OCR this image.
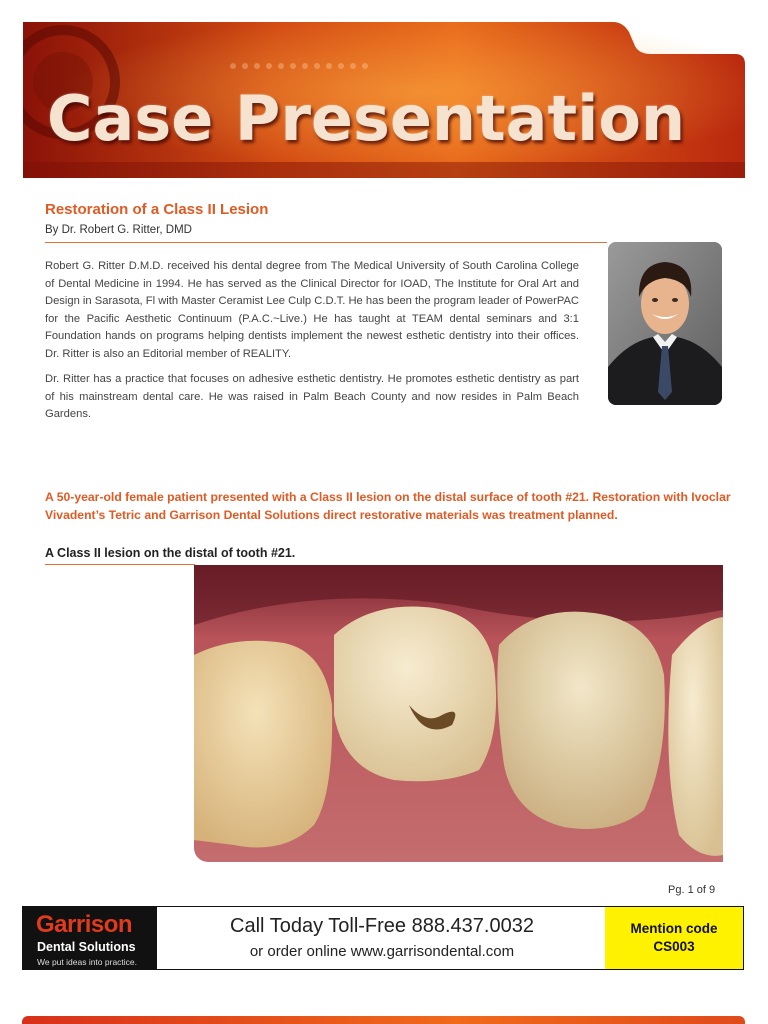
Case Presentation
Restoration of a Class II Lesion
By Dr. Robert G. Ritter, DMD

Robert G. Ritter D.M.D. received his dental degree from The Medical University of South Carolina College of Dental Medicine in 1994. He has served as the Clinical Director for IOAD, The Institute for Oral Art and Design in Sarasota, Fl with Master Ceramist Lee Culp C.D.T. He has been the program leader of PowerPAC for the Pacific Aesthetic Continuum (P.A.C.~Live.) He has taught at TEAM dental seminars and 3:1 Foundation hands on programs helping dentists implement the newest esthetic dentistry into their offices. Dr. Ritter is also an Editorial member of REALITY.

Dr. Ritter has a practice that focuses on adhesive esthetic dentistry. He promotes esthetic dentistry as part of his mainstream dental care. He was raised in Palm Beach County and now resides in Palm Beach Gardens.

A 50-year-old female patient presented with a Class II lesion on the distal surface of tooth #21. Restoration with Ivoclar Vivadent’s Tetric and Garrison Dental Solutions direct restorative materials was treatment planned.

A Class II lesion on the distal of tooth #21.

Pg. 1 of 9
Garrison
Dental Solutions
We put ideas into practice.
Call Today Toll-Free 888.437.0032
or order online www.garrisondental.com
Mention code
CS003
